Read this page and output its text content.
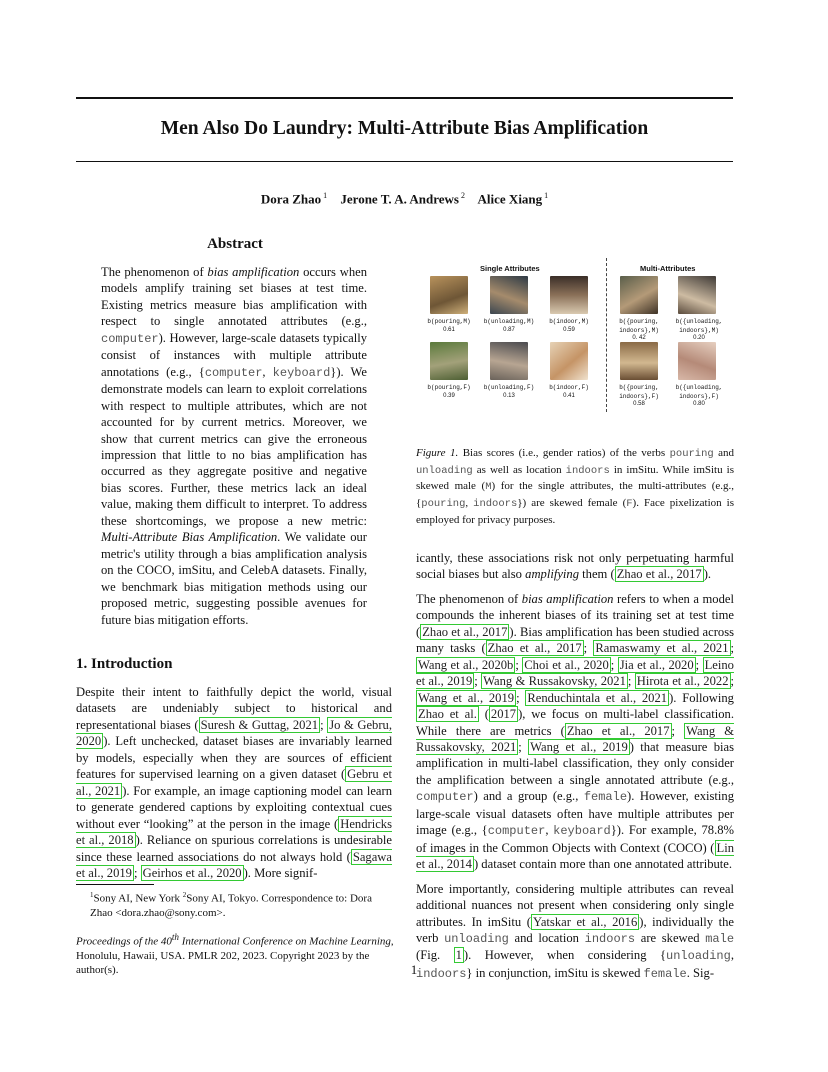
Men Also Do Laundry: Multi-Attribute Bias Amplification
Dora Zhao $^1$ Jerone T. A. Andrews $^2$ Alice Xiang $^1$
Abstract
The phenomenon of bias amplification occurs when models amplify training set biases at test time. Existing metrics measure bias amplification with respect to single annotated attributes (e.g., computer). However, large-scale datasets typically consist of instances with multiple attribute annotations (e.g., {computer, keyboard}). We demonstrate models can learn to exploit correlations with respect to multiple attributes, which are not accounted for by current metrics. Moreover, we show that current metrics can give the erroneous impression that little to no bias amplification has occurred as they aggregate positive and negative bias scores. Further, these metrics lack an ideal value, making them difficult to interpret. To address these shortcomings, we propose a new metric: Multi-Attribute Bias Amplification. We validate our metric's utility through a bias amplification analysis on the COCO, imSitu, and CelebA datasets. Finally, we benchmark bias mitigation methods using our proposed metric, suggesting possible avenues for future bias mitigation efforts.
1. Introduction
Despite their intent to faithfully depict the world, visual datasets are undeniably subject to historical and representational biases ( Suresh & Guttag, 2021 ; Jo & Gebru, 2020 ). Left unchecked, dataset biases are invariably learned by models, especially when they are sources of efficient features for supervised learning on a given dataset ( Gebru et al., 2021 ). For example, an image captioning model can learn to generate gendered captions by exploiting contextual cues without ever “looking” at the person in the image ( Hendricks et al., 2018 ). Reliance on spurious correlations is undesirable since these learned associations do not always hold ( Sagawa et al., 2019 ; Geirhos et al., 2020 ). More signif-
$^1$Sony AI, New York $^2$Sony AI, Tokyo. Correspondence to: Dora Zhao <dora.zhao@sony.com>.
Proceedings of the 40th International Conference on Machine Learning, Honolulu, Hawaii, USA. PMLR 202, 2023. Copyright 2023 by the author(s).
Single Attributes	Multi-Attributes
b(pouring,M)
0.61
b(unloading,M)
0.87
b(indoor,M)
0.59
b({pouring,
indoors},M)
0. 42
b({unloading,
indoors},M)
0.20
b(pouring,F)
0.39
b(unloading,F)
0.13
b(indoor,F)
0.41
b({pouring,
indoors},F)
0.58
b({unloading,
indoors},F)
0.80
Figure 1. Bias scores (i.e., gender ratios) of the verbs pouring and unloading as well as location indoors in imSitu. While imSitu is skewed male (M) for the single attributes, the multi-attributes (e.g., {pouring, indoors}) are skewed female (F). Face pixelization is employed for privacy purposes.

icantly, these associations risk not only perpetuating harmful social biases but also amplifying them ( Zhao et al., 2017 ).

The phenomenon of bias amplification refers to when a model compounds the inherent biases of its training set at test time ( Zhao et al., 2017 ). Bias amplification has been studied across many tasks ( Zhao et al., 2017 ; Ramaswamy et al., 2021 ; Wang et al., 2020b ; Choi et al., 2020 ; Jia et al., 2020 ; Leino et al., 2019 ; Wang & Russakovsky, 2021 ; Hirota et al., 2022 ; Wang et al., 2019 ; Renduchintala et al., 2021 ). Following Zhao et al. ( 2017 ), we focus on multi-label classification. While there are metrics ( Zhao et al., 2017 ; Wang & Russakovsky, 2021 ; Wang et al., 2019 ) that measure bias amplification in multi-label classification, they only consider the amplification between a single annotated attribute (e.g., computer) and a group (e.g., female). However, existing large-scale visual datasets often have multiple attributes per image (e.g., {computer, keyboard}). For example, 78.8% of images in the Common Objects with Context (COCO) ( Lin et al., 2014 ) dataset contain more than one annotated attribute.

More importantly, considering multiple attributes can reveal additional nuances not present when considering only single attributes. In imSitu ( Yatskar et al., 2016 ), individually the verb unloading and location indoors are skewed male (Fig. 1 ). However, when considering {unloading, indoors} in conjunction, imSitu is skewed female. Sig-

1
